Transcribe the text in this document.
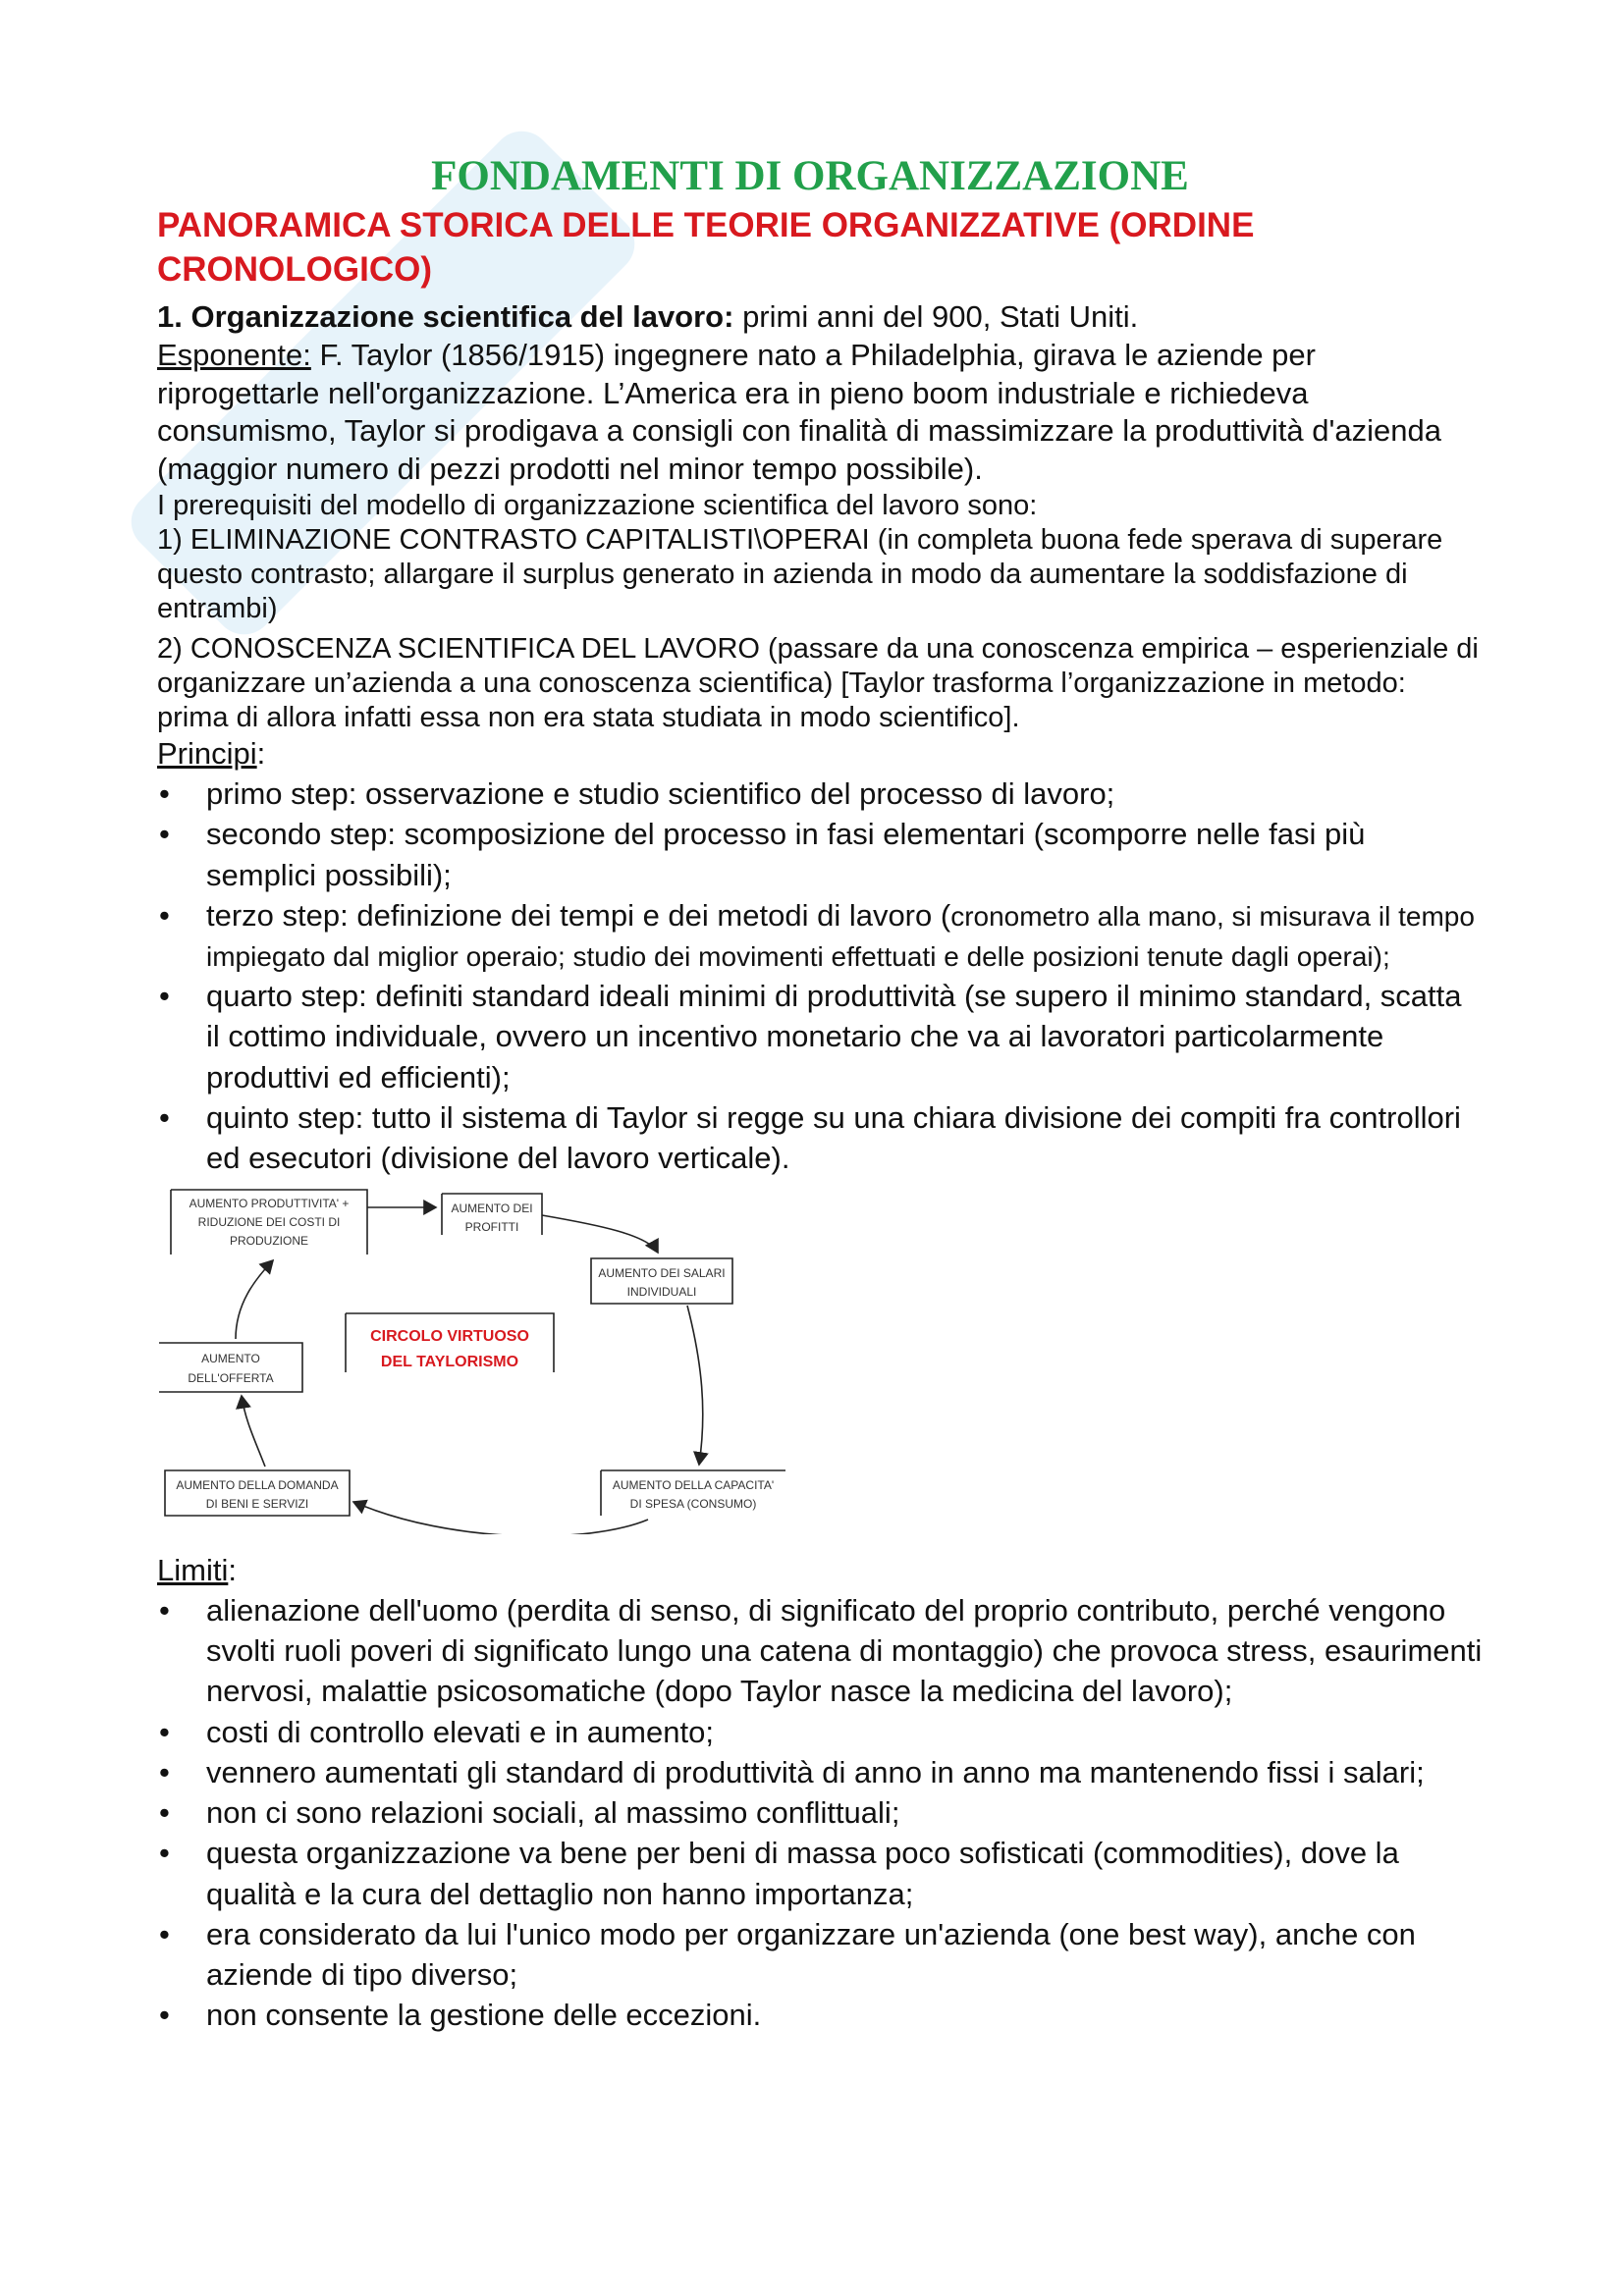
FONDAMENTI DI ORGANIZZAZIONE
PANORAMICA STORICA DELLE TEORIE ORGANIZZATIVE (ORDINE CRONOLOGICO)

1. Organizzazione scientifica del lavoro: primi anni del 900, Stati Uniti.

Esponente: F. Taylor (1856/1915) ingegnere nato a Philadelphia, girava le aziende per riprogettarle nell'organizzazione. L’America era in pieno boom industriale e richiedeva consumismo, Taylor si prodigava a consigli con finalità di massimizzare la produttività d'azienda (maggior numero di pezzi prodotti nel minor tempo possibile).

I prerequisiti del modello di organizzazione scientifica del lavoro sono:

1) ELIMINAZIONE CONTRASTO CAPITALISTI\OPERAI (in completa buona fede sperava di superare questo contrasto; allargare il surplus generato in azienda in modo da aumentare la soddisfazione di entrambi)

2) CONOSCENZA SCIENTIFICA DEL LAVORO (passare da una conoscenza empirica – esperienziale di organizzare un’azienda a una conoscenza scientifica) [Taylor trasforma l’organizzazione in metodo: prima di allora infatti essa non era stata studiata in modo scientifico].

Principi:

• primo step: osservazione e studio scientifico del processo di lavoro;
• secondo step: scomposizione del processo in fasi elementari (scomporre nelle fasi più semplici possibili);
• terzo step: definizione dei tempi e dei metodi di lavoro (cronometro alla mano, si misurava il tempo impiegato dal miglior operaio; studio dei movimenti effettuati e delle posizioni tenute dagli operai);
• quarto step: definiti standard ideali minimi di produttività (se supero il minimo standard, scatta il cottimo individuale, ovvero un incentivo monetario che va ai lavoratori particolarmente produttivi ed efficienti);
• quinto step: tutto il sistema di Taylor si regge su una chiara divisione dei compiti fra controllori ed esecutori (divisione del lavoro verticale).
AUMENTO PRODUTTIVITA' +
RIDUZIONE DEI COSTI DI
PRODUZIONE
AUMENTO DEI
PROFITTI
AUMENTO DEI SALARI
INDIVIDUALI
CIRCOLO VIRTUOSO
DEL TAYLORISMO
AUMENTO
DELL'OFFERTA
AUMENTO DELLA DOMANDA
DI BENI E SERVIZI
AUMENTO DELLA CAPACITA'
DI SPESA (CONSUMO)

Limiti:

• alienazione dell'uomo (perdita di senso, di significato del proprio contributo, perché vengono svolti ruoli poveri di significato lungo una catena di montaggio) che provoca stress, esaurimenti nervosi, malattie psicosomatiche (dopo Taylor nasce la medicina del lavoro);
• costi di controllo elevati e in aumento;
• vennero aumentati gli standard di produttività di anno in anno ma mantenendo fissi i salari;
• non ci sono relazioni sociali, al massimo conflittuali;
• questa organizzazione va bene per beni di massa poco sofisticati (commodities), dove la qualità e la cura del dettaglio non hanno importanza;
• era considerato da lui l'unico modo per organizzare un'azienda (one best way), anche con aziende di tipo diverso;
• non consente la gestione delle eccezioni.
